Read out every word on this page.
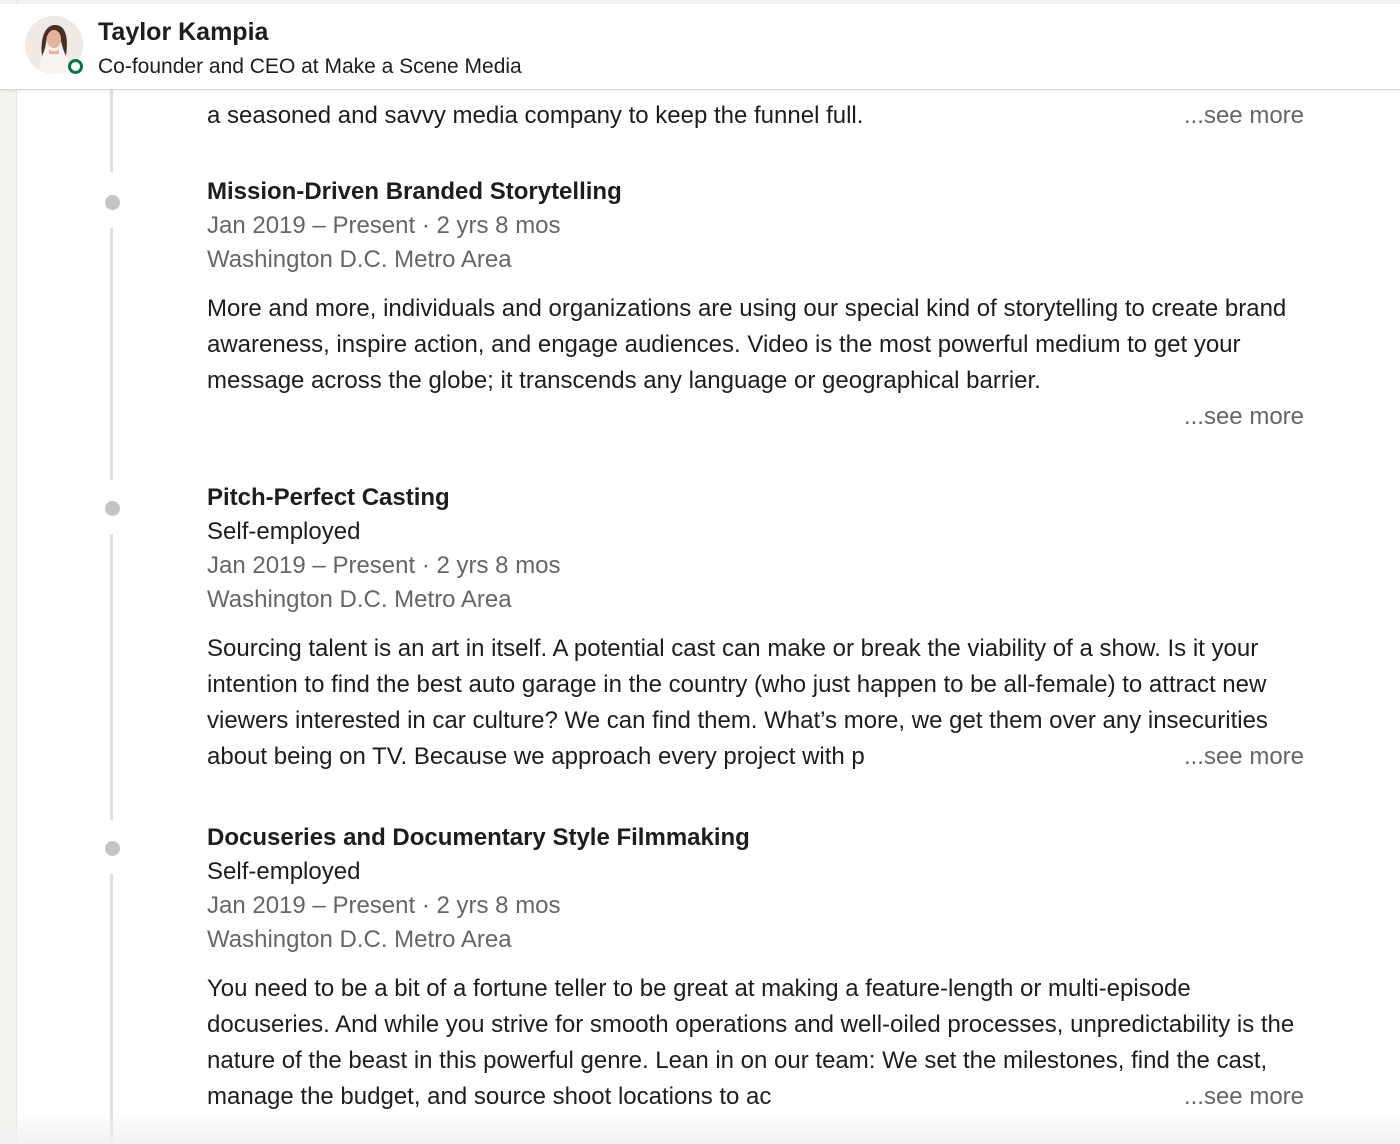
Taylor Kampia
Co-founder and CEO at Make a Scene Media
a seasoned and savvy media company to keep the funnel full.	...see more
Mission-Driven Branded Storytelling
Jan 2019 – Present · 2 yrs 8 mos
Washington D.C. Metro Area
More and more, individuals and organizations are using our special kind of storytelling to create brand awareness, inspire action, and engage audiences. Video is the most powerful medium to get your message across the globe; it transcends any language or geographical barrier.
...see more
Pitch-Perfect Casting
Self-employed
Jan 2019 – Present · 2 yrs 8 mos
Washington D.C. Metro Area
Sourcing talent is an art in itself. A potential cast can make or break the viability of a show. Is it your intention to find the best auto garage in the country (who just happen to be all-female) to attract new viewers interested in car culture? We can find them. What’s more, we get them over any insecurities about being on TV. Because we approach every project with p	...see more
Docuseries and Documentary Style Filmmaking
Self-employed
Jan 2019 – Present · 2 yrs 8 mos
Washington D.C. Metro Area
You need to be a bit of a fortune teller to be great at making a feature-length or multi-episode docuseries. And while you strive for smooth operations and well-oiled processes, unpredictability is the nature of the beast in this powerful genre. Lean in on our team: We set the milestones, find the cast, manage the budget, and source shoot locations to ac	...see more
